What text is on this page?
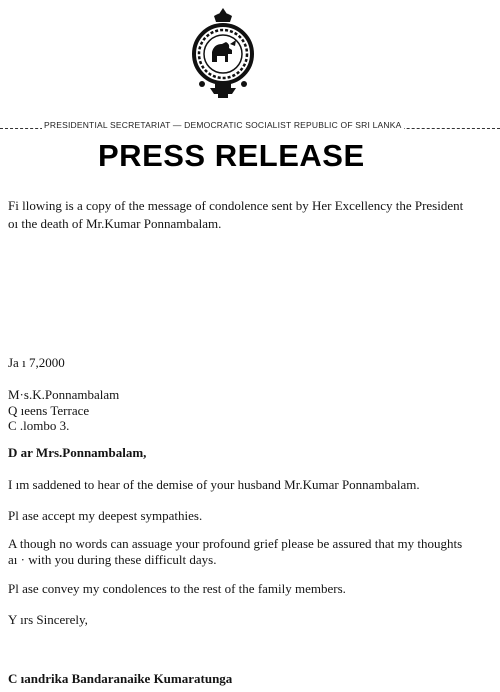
PRESIDENTIAL SECRETARIAT — DEMOCRATIC SOCIALIST REPUBLIC OF SRI LANKA
PRESS RELEASE
Fi llowing is a copy of the message of condolence sent by Her Excellency the President
oı the death of Mr.Kumar Ponnambalam.
Ja ı 7,2000
M·s.K.Ponnambalam
Q ıeens Terrace
C .lombo 3.
D ar Mrs.Ponnambalam,
I ım saddened to hear of the demise of your husband Mr.Kumar Ponnambalam.
Pl ase accept my deepest sympathies.
A though no words can assuage your profound grief please be assured that my thoughts
aı · with you during these difficult days.
Pl ase convey my condolences to the rest of the family members.
Y ırs Sincerely,
C ıandrika Bandaranaike Kumaratunga
